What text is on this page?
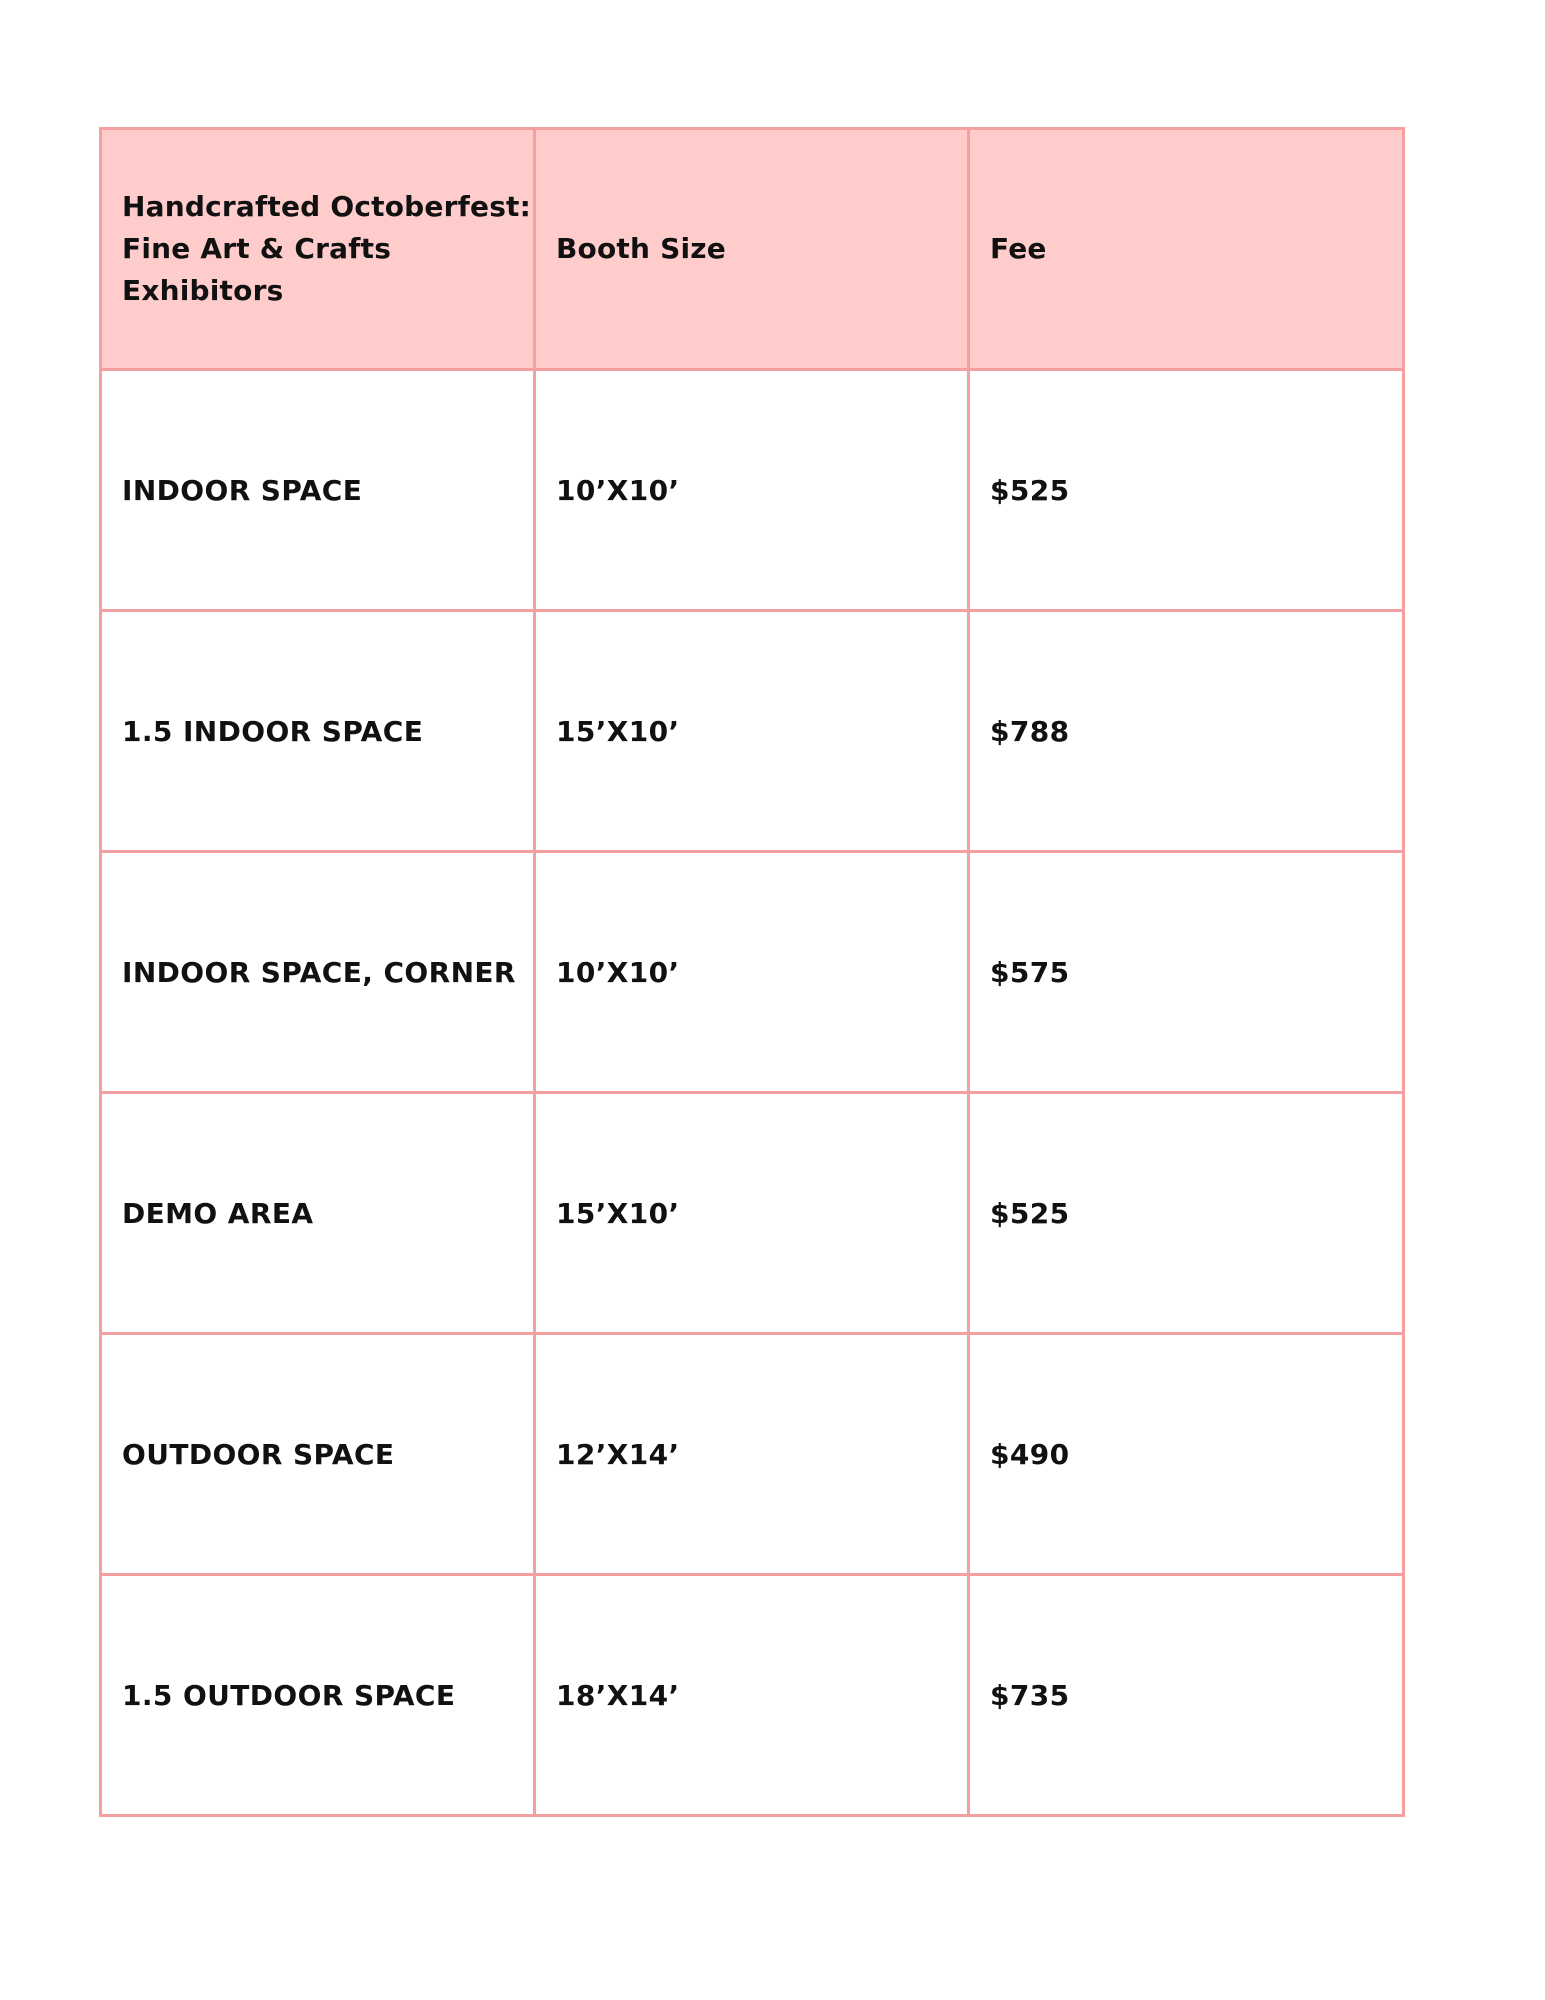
Handcrafted Octoberfest: Fine Art & Crafts Exhibitors	Booth Size	Fee
INDOOR SPACE	10’X10’	$525
1.5 INDOOR SPACE	15’X10’	$788
INDOOR SPACE, CORNER	10’X10’	$575
DEMO AREA	15’X10’	$525
OUTDOOR SPACE	12’X14’	$490
1.5 OUTDOOR SPACE	18’X14’	$735
